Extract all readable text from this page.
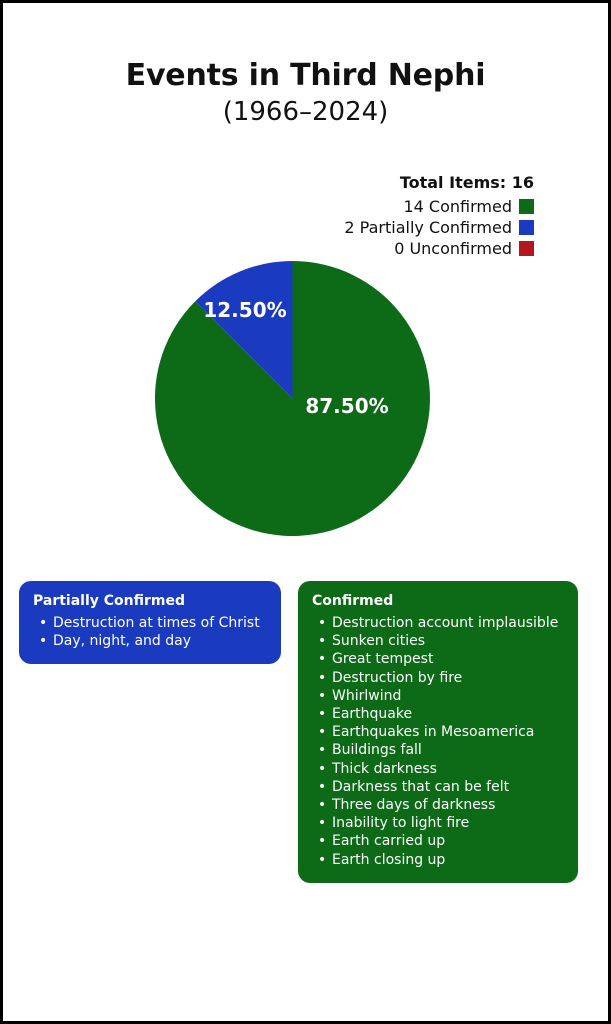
Events in Third Nephi
(1966–2024)
Total Items: 16
14 Confirmed
2 Partially Confirmed
0 Unconfirmed
87.50%
12.50%
Partially Confirmed
• Destruction at times of Christ
• Day, night, and day
Confirmed
• Destruction account implausible
• Sunken cities
• Great tempest
• Destruction by fire
• Whirlwind
• Earthquake
• Earthquakes in Mesoamerica
• Buildings fall
• Thick darkness
• Darkness that can be felt
• Three days of darkness
• Inability to light fire
• Earth carried up
• Earth closing up
